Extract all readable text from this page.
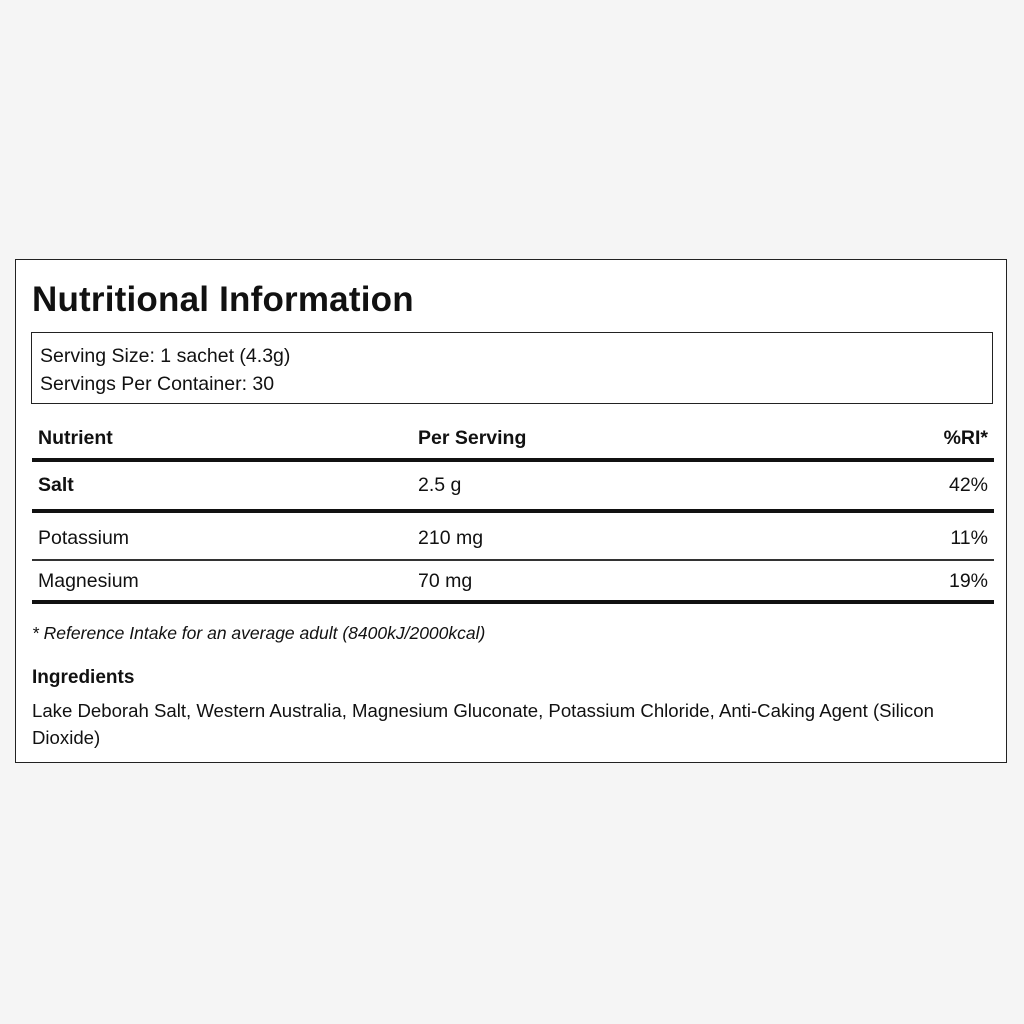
Nutritional Information
Serving Size: 1 sachet (4.3g)
Servings Per Container: 30
Nutrient	Per Serving	%RI*
Salt	2.5 g	42%
Potassium	210 mg	11%
Magnesium	70 mg	19%
* Reference Intake for an average adult (8400kJ/2000kcal)
Ingredients
Lake Deborah Salt, Western Australia, Magnesium Gluconate, Potassium Chloride, Anti-Caking Agent (Silicon Dioxide)
